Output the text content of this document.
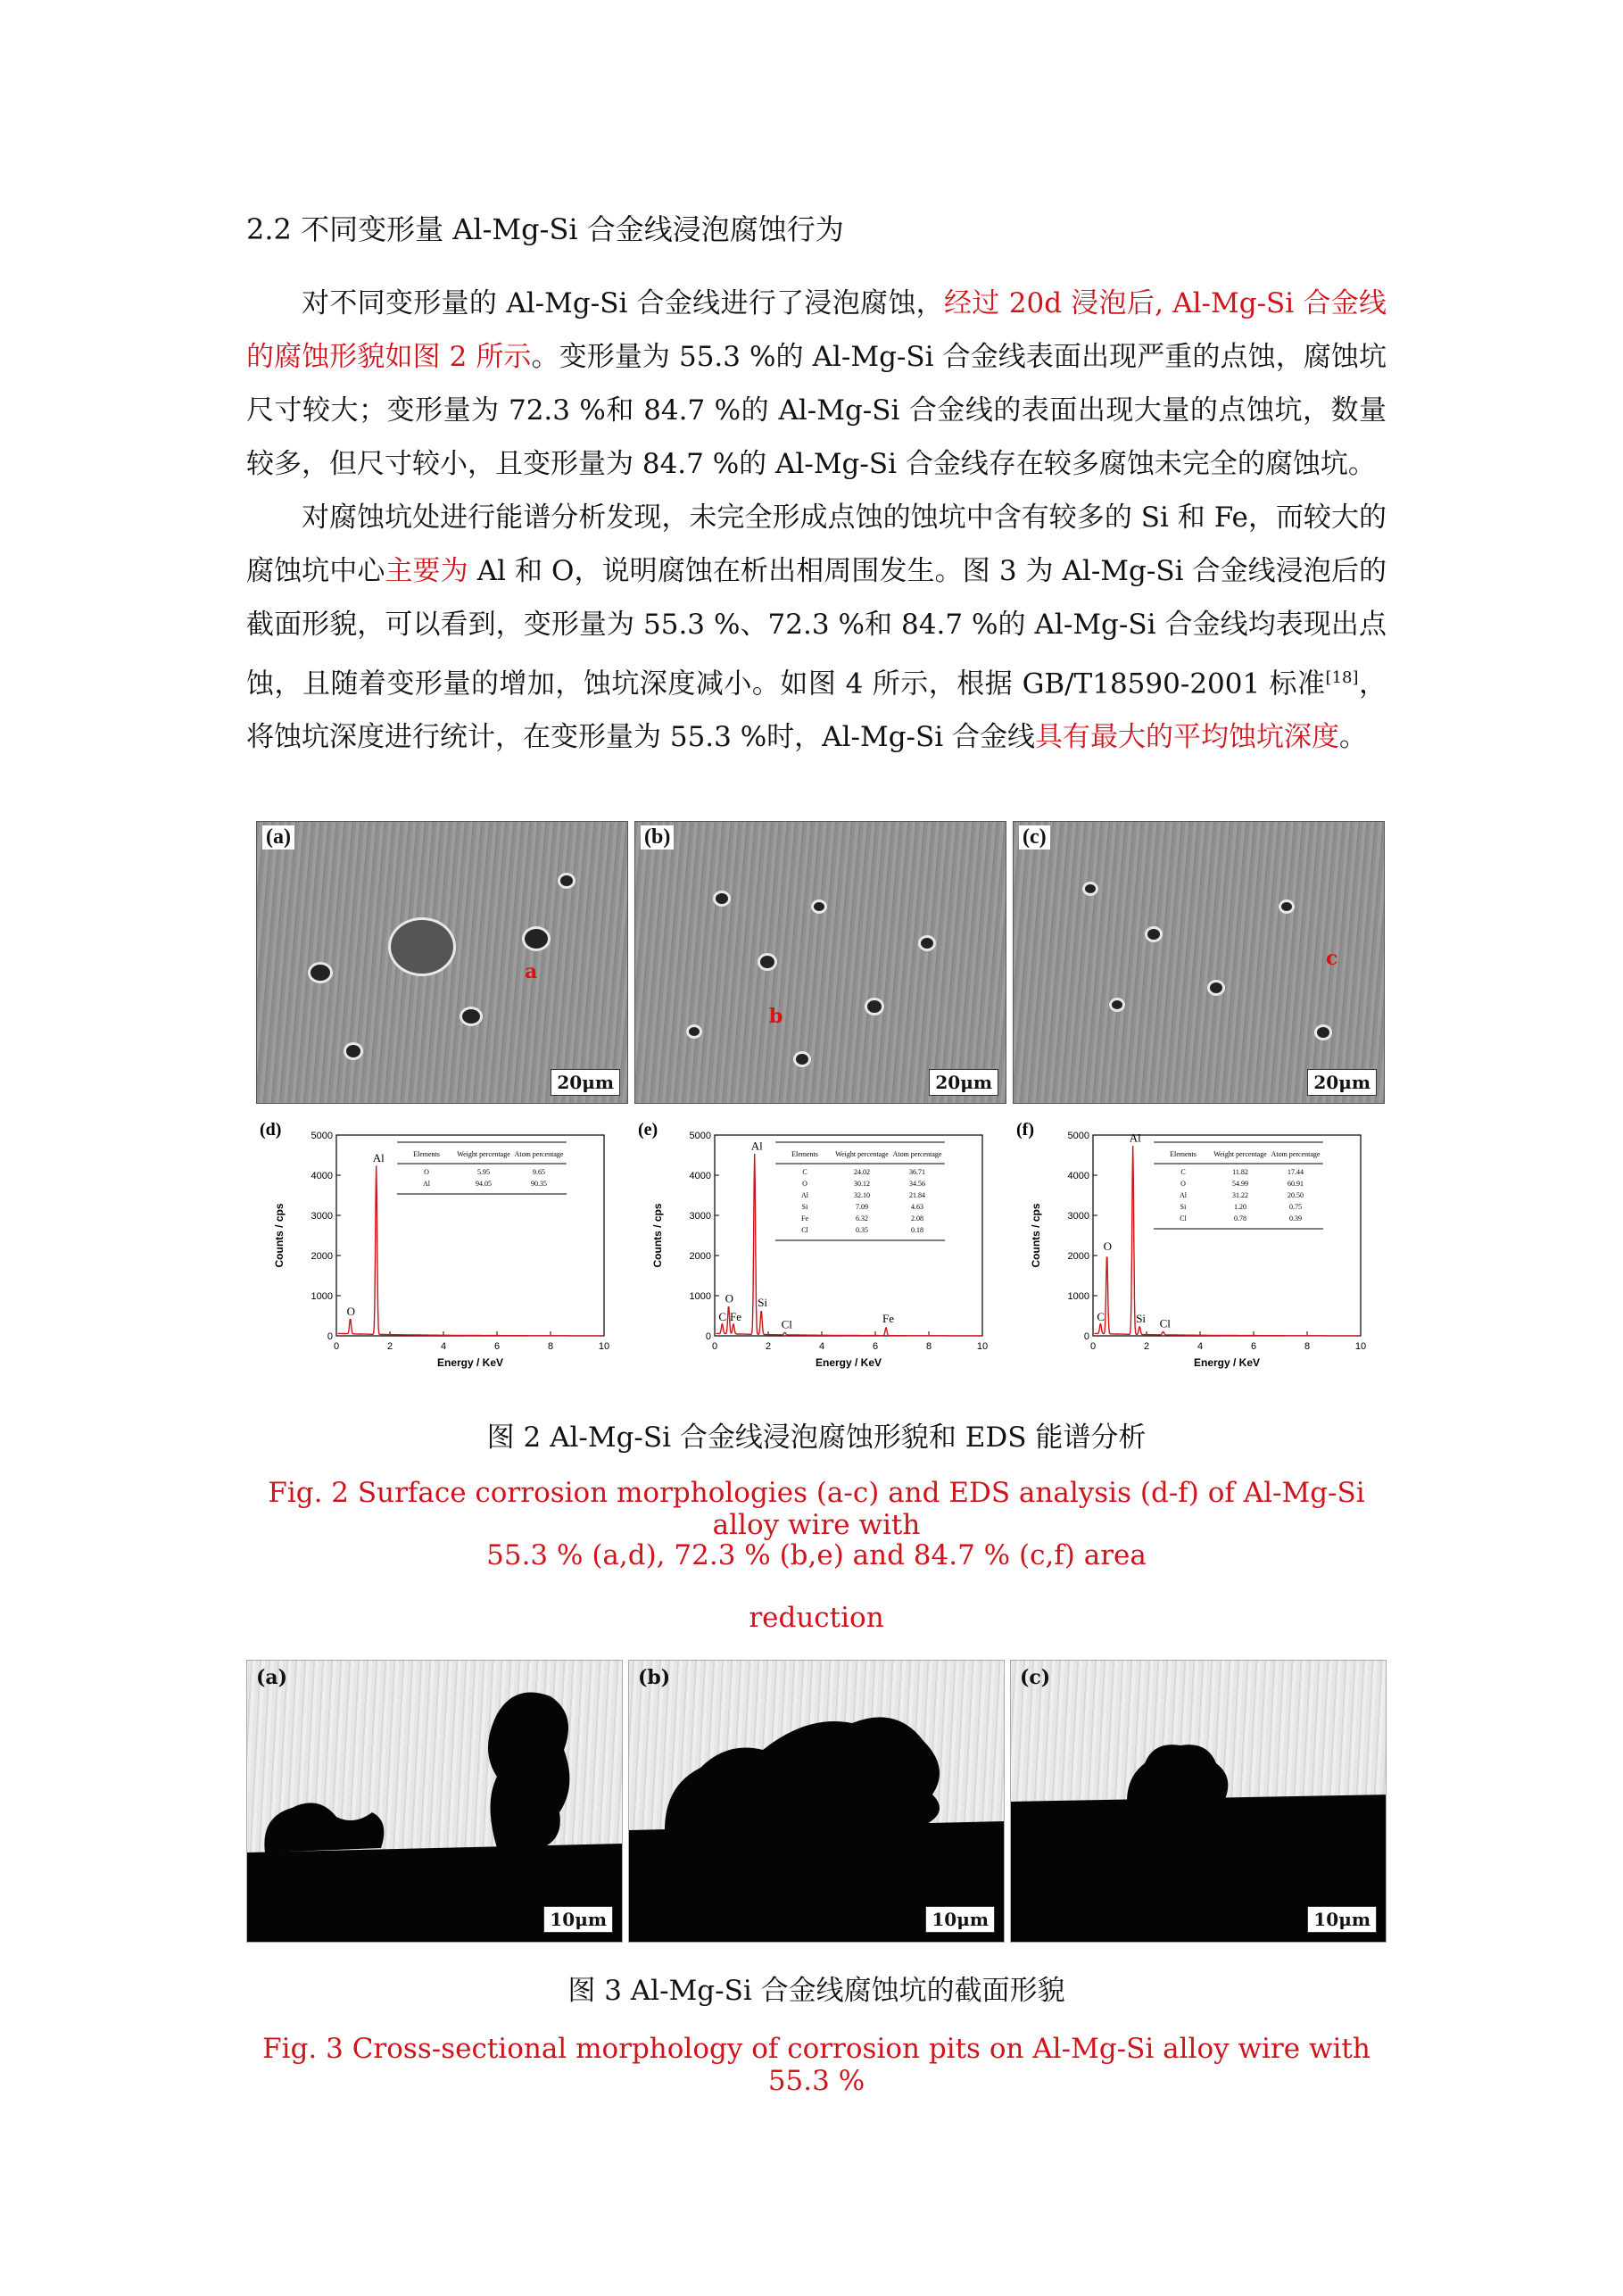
2.2 不同变形量 Al-Mg-Si 合金线浸泡腐蚀行为
对不同变形量的 Al-Mg-Si 合金线进行了浸泡腐蚀，经过 20d 浸泡后, Al-Mg-Si 合金线的腐蚀形貌如图 2 所示。变形量为 55.3 %的 Al-Mg-Si 合金线表面出现严重的点蚀，腐蚀坑尺寸较大；变形量为 72.3 %和 84.7 %的 Al-Mg-Si 合金线的表面出现大量的点蚀坑，数量较多，但尺寸较小，且变形量为 84.7 %的 Al-Mg-Si 合金线存在较多腐蚀未完全的腐蚀坑。
对腐蚀坑处进行能谱分析发现，未完全形成点蚀的蚀坑中含有较多的 Si 和 Fe，而较大的腐蚀坑中心主要为 Al 和 O，说明腐蚀在析出相周围发生。图 3 为 Al-Mg-Si 合金线浸泡后的截面形貌，可以看到，变形量为 55.3 %、72.3 %和 84.7 %的 Al-Mg-Si 合金线均表现出点蚀，且随着变形量的增加，蚀坑深度减小。如图 4 所示，根据 GB/T18590-2001 标准[18]，将蚀坑深度进行统计，在变形量为 55.3 %时，Al-Mg-Si 合金线具有最大的平均蚀坑深度。
(a)
a
20μm
(b)
b
20μm
(c)
c
20μm
(d)
0	2	4	6	8	10
0
1000
2000
3000
4000
5000
Energy / KeV
Counts / cps
O
Al	Elements Weight percentage Atom percentage
O	5.95	9.65
Al	94.05	90.35
(e)
0	2	4	6	8	10
0
1000
2000
3000
4000
5000
Energy / KeV
Counts / cps
C
O
Fe
Al
Si
Cl	Fe
Elements Weight percentage Atom percentage
C	24.02	36.71
O	30.12	34.56
Al	32.10	21.84
Si	7.09	4.63
Fe	6.32	2.08
Cl	0.35	0.18
(f)
0	2	4	6	8	10
0
1000
2000
3000
4000
5000
Energy / KeV
Counts / cps
C
O
Al
Si Cl
Elements Weight percentage Atom percentage
C	11.82	17.44
O	54.99	60.91
Al	31.22	20.50
Si	1.20	0.75
Cl	0.78	0.39
图 2 Al-Mg-Si 合金线浸泡腐蚀形貌和 EDS 能谱分析
Fig. 2 Surface corrosion morphologies (a-c) and EDS analysis (d-f) of Al-Mg-Si alloy wire with
55.3 % (a,d), 72.3 % (b,e) and 84.7 % (c,f) area
reduction
(a)
10μm
(b)
10μm
(c)
10μm
图 3 Al-Mg-Si 合金线腐蚀坑的截面形貌
Fig. 3 Cross-sectional morphology of corrosion pits on Al-Mg-Si alloy wire with 55.3 %
